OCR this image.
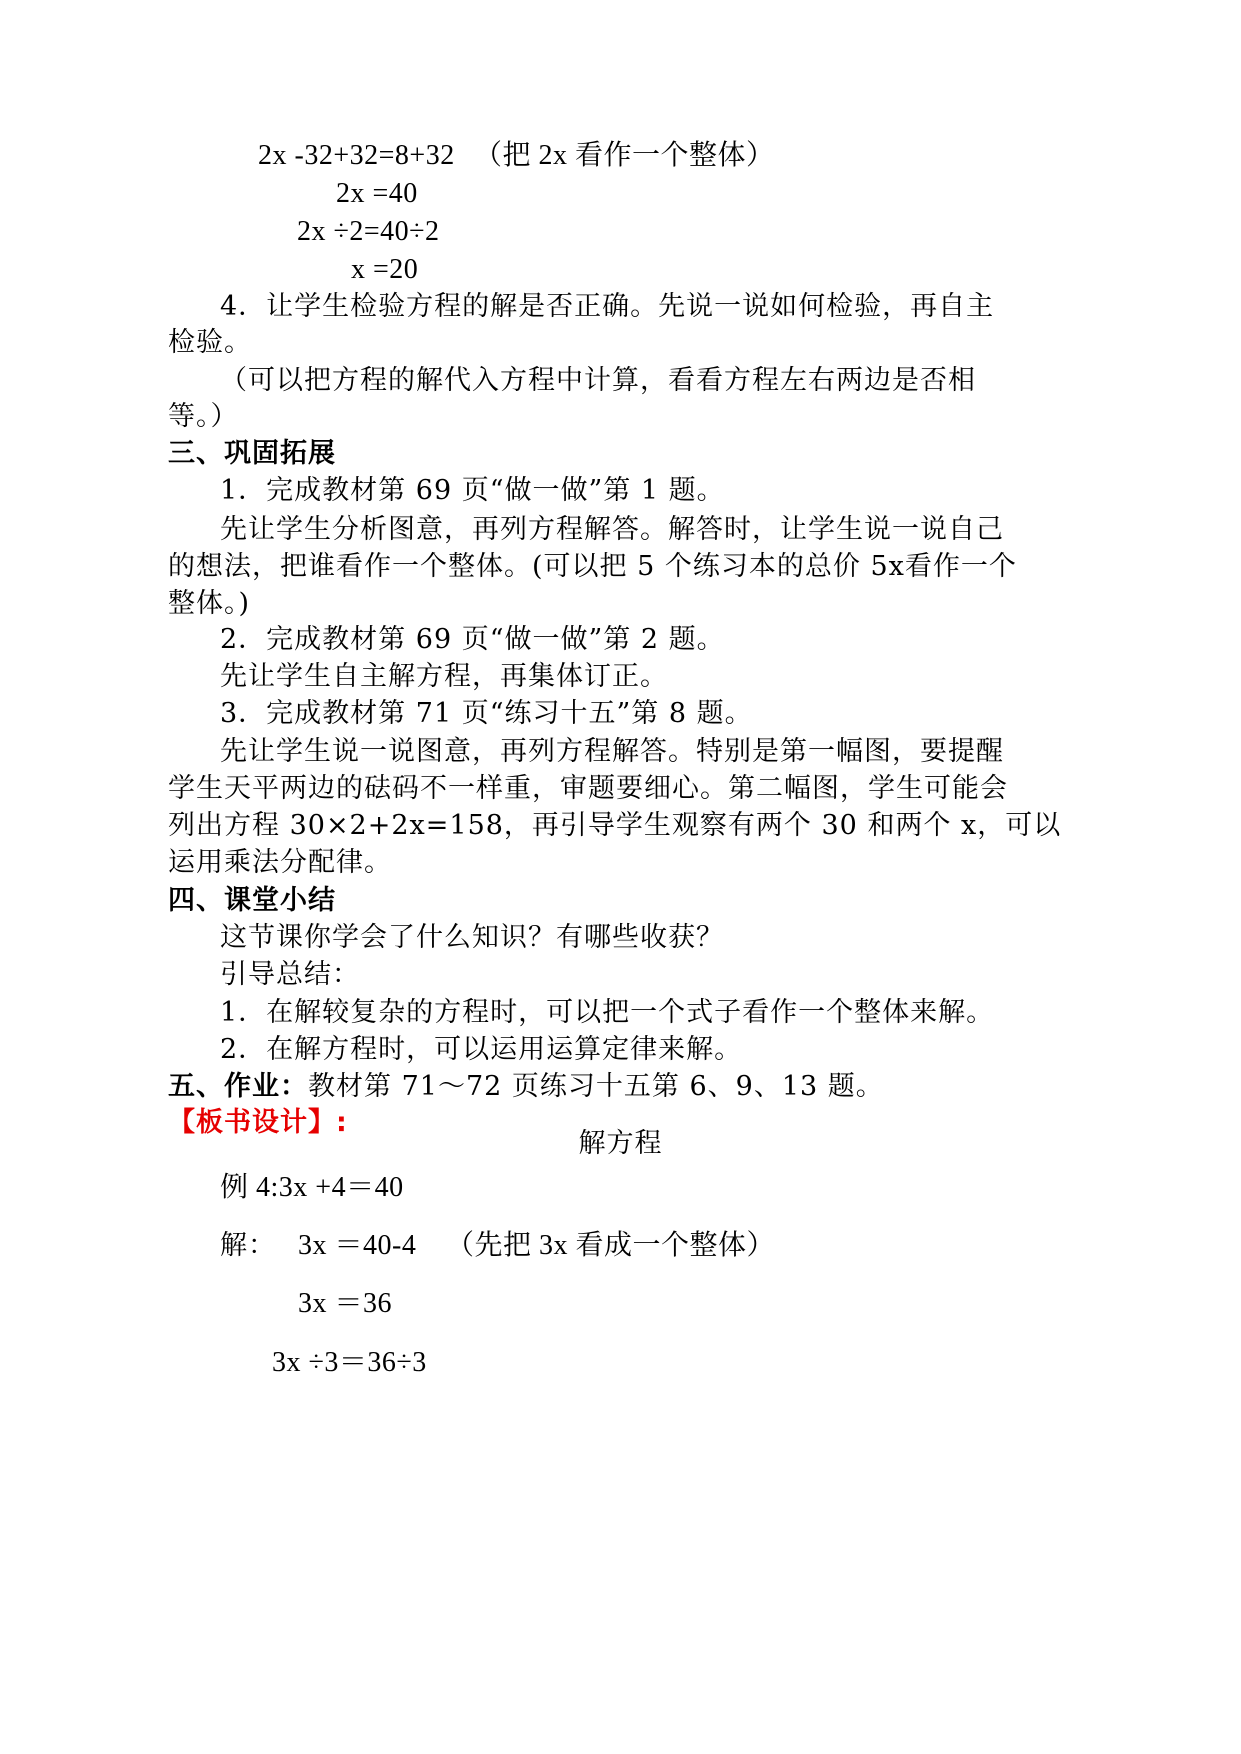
2x -32+32=8+32 （把 2x 看作一个整体）
2x =40
2x ÷2=40÷2
x =20
4．让学生检验方程的解是否正确。先说一说如何检验，再自主
检验。
（可以把方程的解代入方程中计算，看看方程左右两边是否相
等。）
三、巩固拓展
1．完成教材第 69 页“做一做”第 1 题。
先让学生分析图意，再列方程解答。解答时，让学生说一说自己
的想法，把谁看作一个整体。(可以把 5 个练习本的总价 5x看作一个
整体。)
2．完成教材第 69 页“做一做”第 2 题。
先让学生自主解方程，再集体订正。
3．完成教材第 71 页“练习十五”第 8 题。
先让学生说一说图意，再列方程解答。特别是第一幅图，要提醒
学生天平两边的砝码不一样重，审题要细心。第二幅图，学生可能会
列出方程 30×2+2x=158，再引导学生观察有两个 30 和两个 x，可以
运用乘法分配律。
四、课堂小结
这节课你学会了什么知识？有哪些收获？
引导总结：
1．在解较复杂的方程时，可以把一个式子看作一个整体来解。
2．在解方程时，可以运用运算定律来解。
五、作业：教材第 71～72 页练习十五第 6、9、13 题。
【板书设计】:
解方程
例 4:3x +4＝40
解： 3x ＝40-4 （先把 3x 看成一个整体）
3x ＝36
3x ÷3＝36÷3
